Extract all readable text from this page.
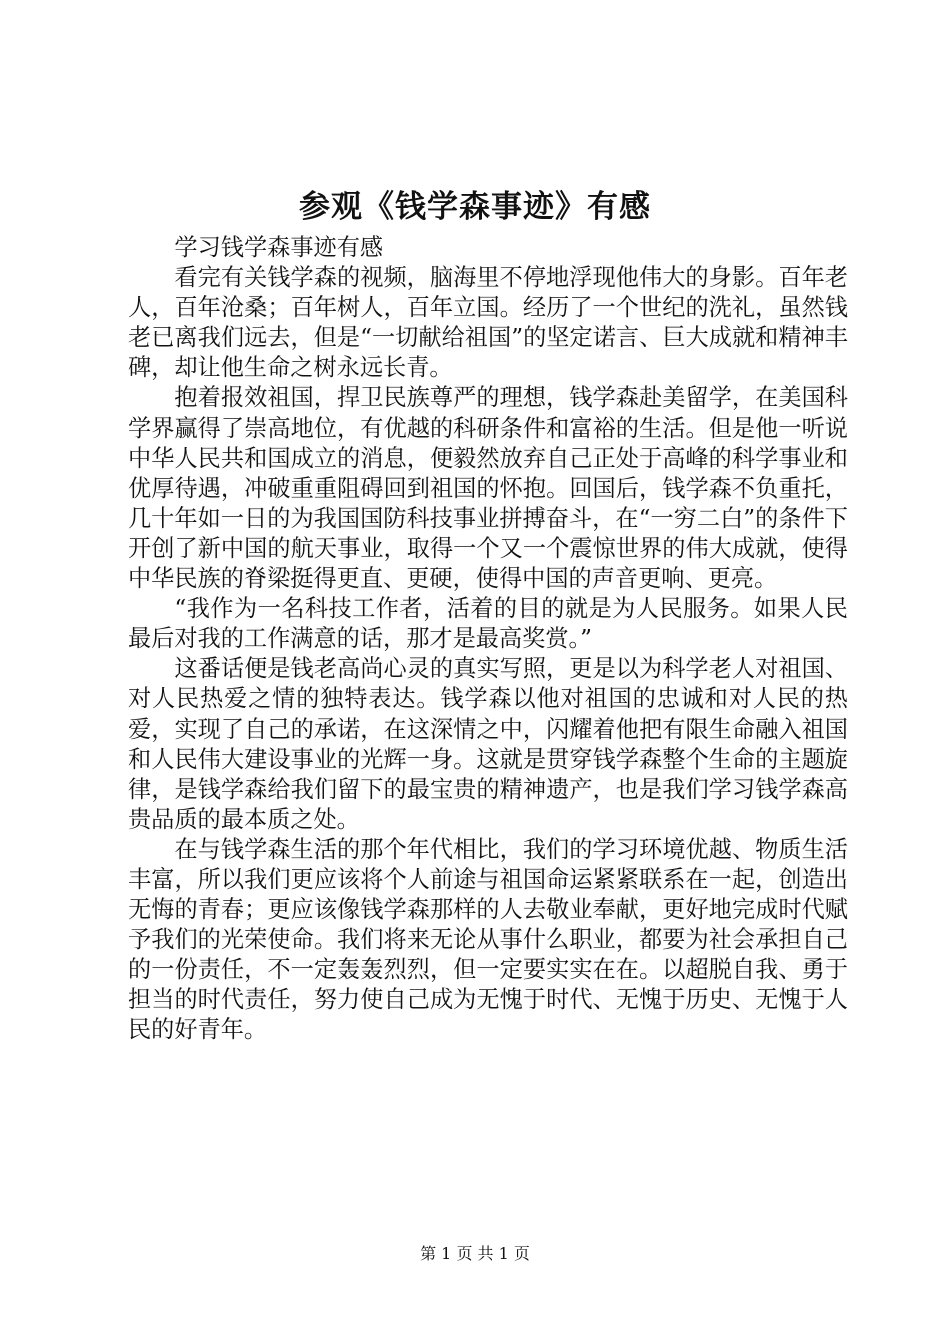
参观《钱学森事迹》有感

学习钱学森事迹有感

看完有关钱学森的视频，脑海里不停地浮现他伟大的身影。百年老人，百年沧桑；百年树人，百年立国。经历了一个世纪的洗礼，虽然钱老已离我们远去，但是“一切献给祖国”的坚定诺言、巨大成就和精神丰碑，却让他生命之树永远长青。

抱着报效祖国，捍卫民族尊严的理想，钱学森赴美留学，在美国科学界赢得了崇高地位，有优越的科研条件和富裕的生活。但是他一听说中华人民共和国成立的消息，便毅然放弃自己正处于高峰的科学事业和优厚待遇，冲破重重阻碍回到祖国的怀抱。回国后，钱学森不负重托，几十年如一日的为我国国防科技事业拼搏奋斗，在“一穷二白”的条件下开创了新中国的航天事业，取得一个又一个震惊世界的伟大成就，使得中华民族的脊梁挺得更直、更硬，使得中国的声音更响、更亮。

“我作为一名科技工作者，活着的目的就是为人民服务。如果人民最后对我的工作满意的话，那才是最高奖赏。”

这番话便是钱老高尚心灵的真实写照，更是以为科学老人对祖国、对人民热爱之情的独特表达。钱学森以他对祖国的忠诚和对人民的热爱，实现了自己的承诺，在这深情之中，闪耀着他把有限生命融入祖国和人民伟大建设事业的光辉一身。这就是贯穿钱学森整个生命的主题旋律，是钱学森给我们留下的最宝贵的精神遗产，也是我们学习钱学森高贵品质的最本质之处。

在与钱学森生活的那个年代相比，我们的学习环境优越、物质生活丰富，所以我们更应该将个人前途与祖国命运紧紧联系在一起，创造出无悔的青春；更应该像钱学森那样的人去敬业奉献，更好地完成时代赋予我们的光荣使命。我们将来无论从事什么职业，都要为社会承担自己的一份责任，不一定轰轰烈烈，但一定要实实在在。以超脱自我、勇于担当的时代责任，努力使自己成为无愧于时代、无愧于历史、无愧于人民的好青年。

第 1 页 共 1 页
